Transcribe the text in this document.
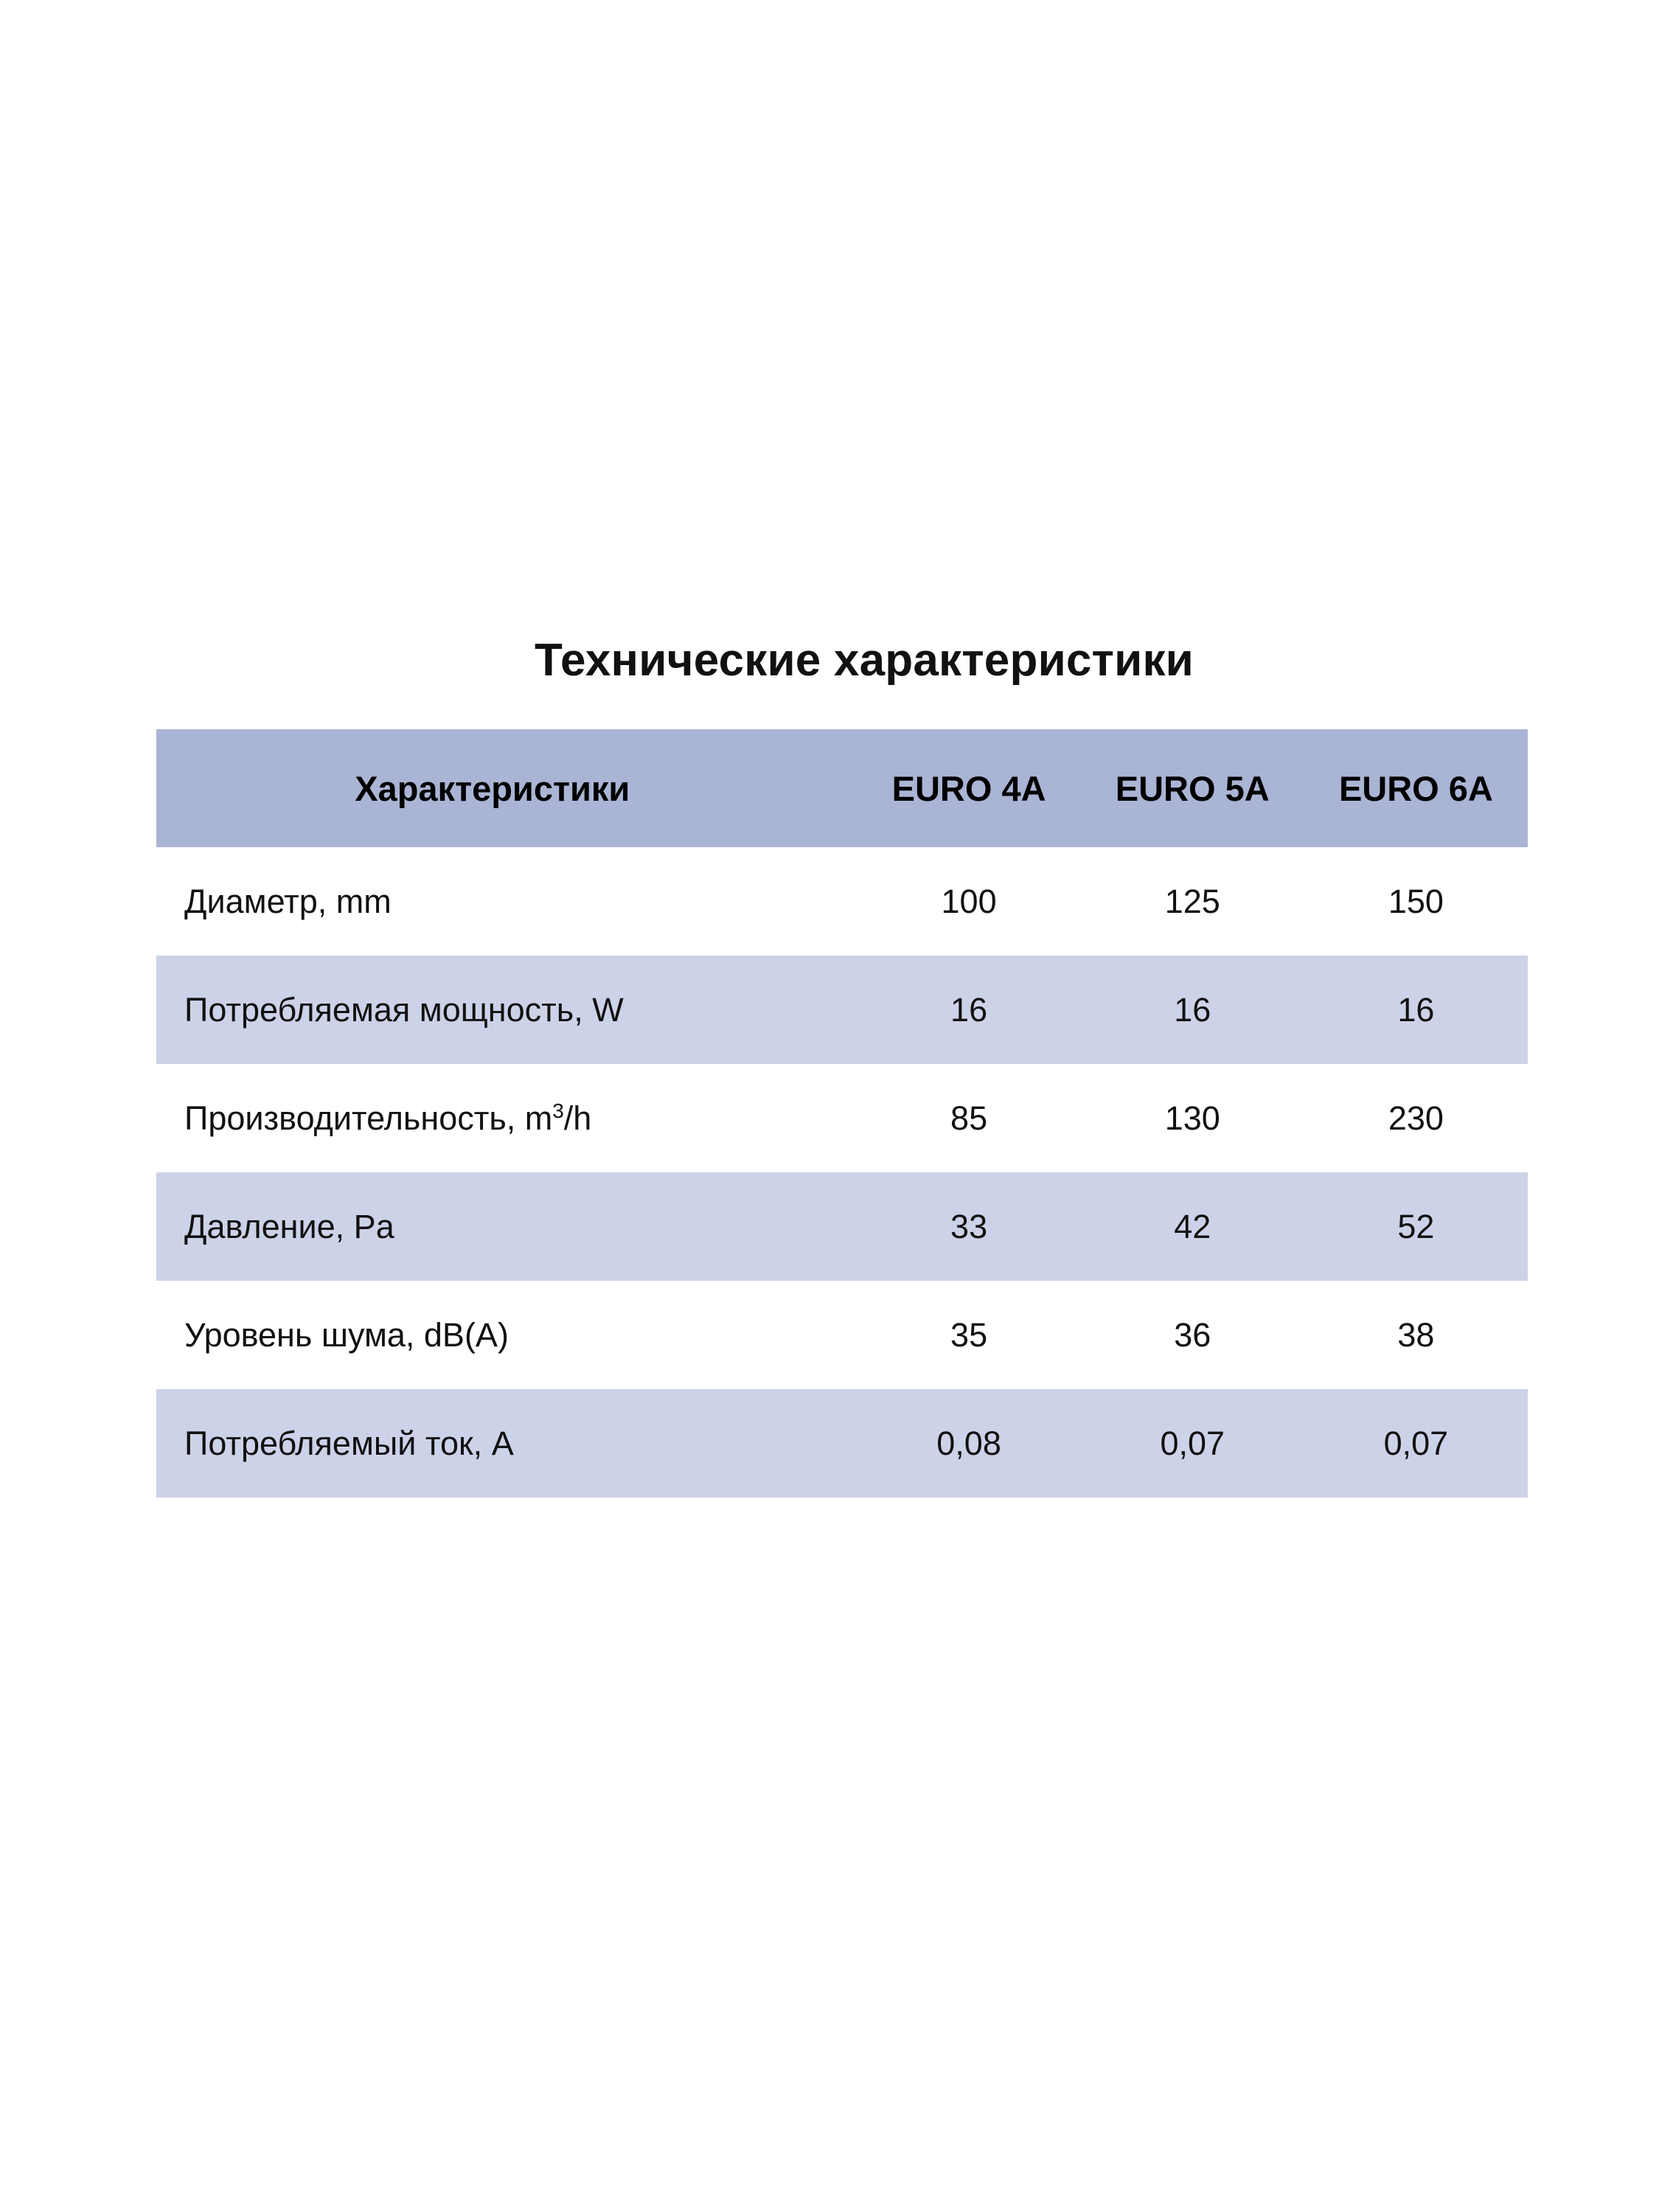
Технические характеристики
Характеристики	EURO 4A	EURO 5A	EURO 6A
Диаметр, mm	100	125	150
Потребляемая мощность, W	16	16	16
Производительность, $m^3/h$	85	130	230
Давление, Pa	33	42	52
Уровень шума, dB(A)	35	36	38
Потребляемый ток, A	0,08	0,07	0,07
